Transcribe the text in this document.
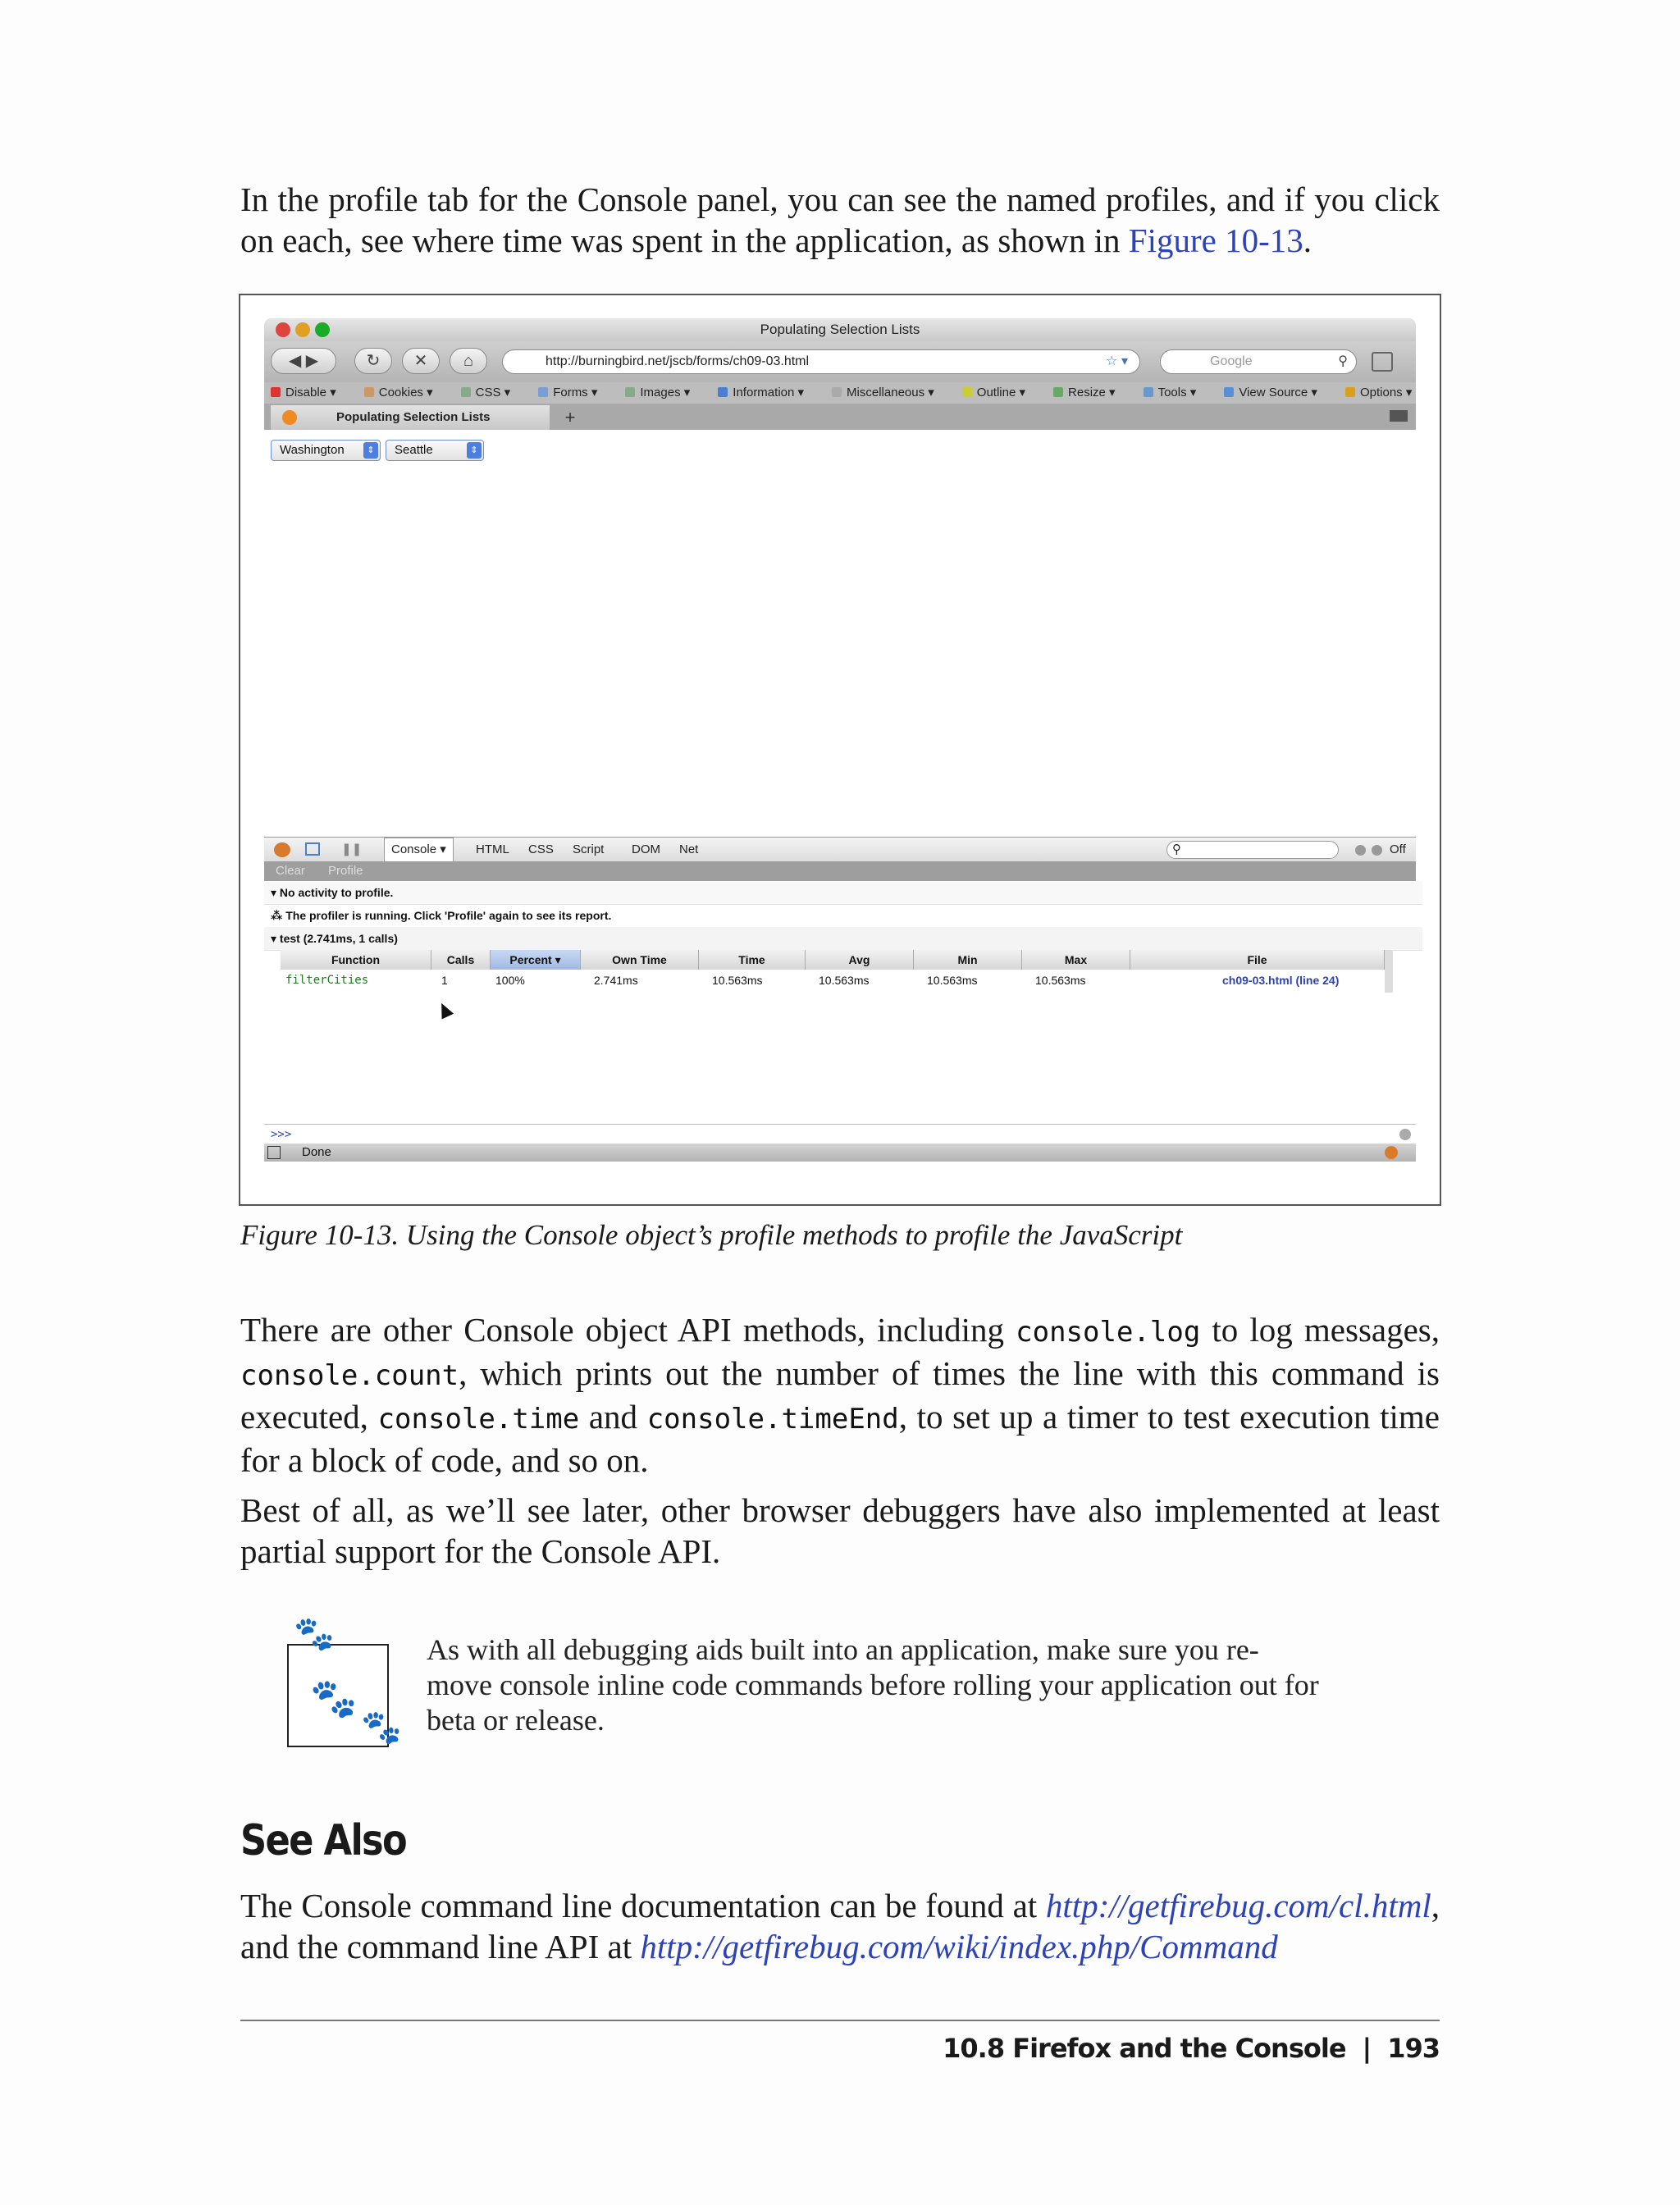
In the profile tab for the Console panel, you can see the named profiles, and if you click on each, see where time was spent in the application, as shown in Figure 10-13.

Populating Selection Lists
◀ ▶	↻	✕	⌂	http://burningbird.net/jscb/forms/ch09-03.html	☆ ▾	Google	⚲
Disable ▾	Cookies ▾	CSS ▾	Forms ▾	Images ▾	Information ▾	Miscellaneous ▾	Outline ▾	Resize ▾	Tools ▾	View Source ▾	Options ▾
Populating Selection Lists	+
Washington	⇕	Seattle	⇕
❚❚	Console ▾	HTML CSS Script DOM Net	⚲	Off
Clear Profile
▾ No activity to profile.
⁂ The profiler is running. Click 'Profile' again to see its report.
▾ test (2.741ms, 1 calls)
Function	Calls	Percent ▾	Own Time	Time	Avg	Min	Max	File
filterCities	1	100%	2.741ms	10.563ms	10.563ms	10.563ms	10.563ms	ch09-03.html (line 24)
>>>
Done
Figure 10-13. Using the Console object’s profile methods to profile the JavaScript

There are other Console object API methods, including console.log to log messages, console.count, which prints out the number of times the line with this command is executed, console.time and console.timeEnd, to set up a timer to test execution time for a block of code, and so on.

Best of all, as we’ll see later, other browser debuggers have also implemented at least partial support for the Console API.

🐾
🐾
🐾
As with all debugging aids built into an application, make sure you re-move console inline code commands before rolling your application out for beta or release.
See Also

The Console command line documentation can be found at http://getfirebug.com/cl.html, and the command line API at http://getfirebug.com/wiki/index.php/Command

10.8 Firefox and the Console | 193
